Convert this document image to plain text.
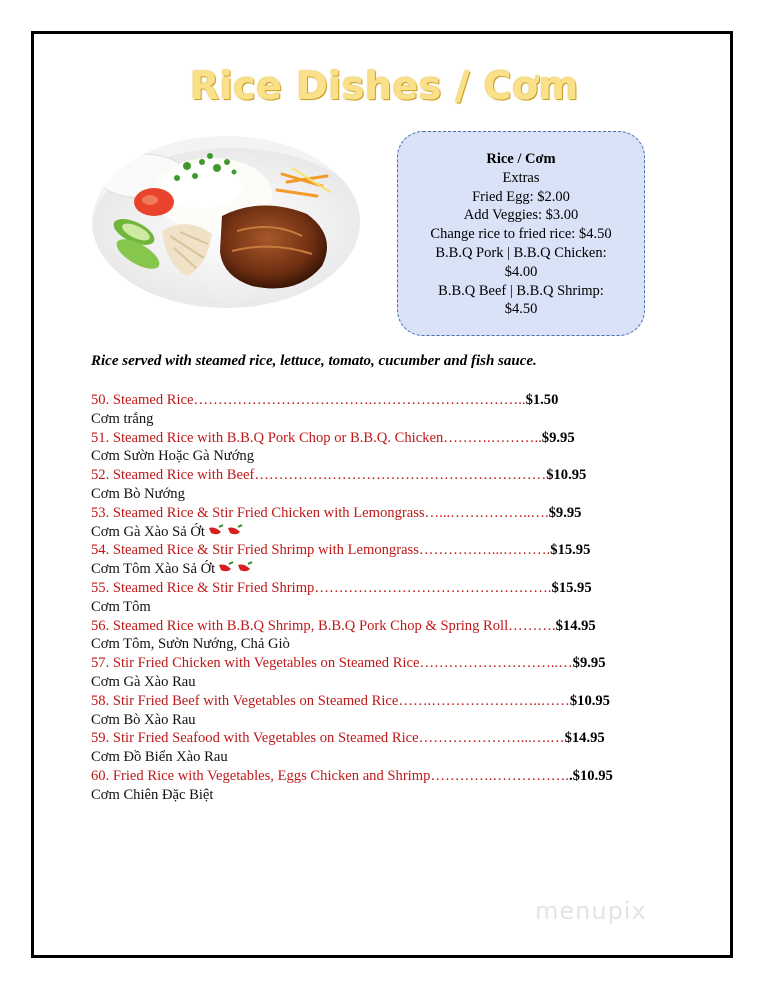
Rice Dishes / Cơm
Rice / Cơm
Extras
Fried Egg: $2.00
Add Veggies: $3.00
Change rice to fried rice: $4.50
B.B.Q Pork | B.B.Q Chicken:
$4.00
B.B.Q Beef | B.B.Q Shrimp:
$4.50
Rice served with steamed rice, lettuce, tomato, cucumber and fish sauce.
50. Steamed Rice……………………………….…………………………..$1.50
Cơm trắng
51. Steamed Rice with B.B.Q Pork Chop or B.B.Q. Chicken……….………..$9.95
Cơm Sườn Hoặc Gà Nướng
52. Steamed Rice with Beef……………………………………………………$10.95
Cơm Bò Nướng
53. Steamed Rice & Stir Fried Chicken with Lemongrass…...……………..….$9.95
Cơm Gà Xào Sả Ớt
54. Steamed Rice & Stir Fried Shrimp with Lemongrass……………...……….$15.95
Cơm Tôm Xào Sả Ớt
55. Steamed Rice & Stir Fried Shrimp………………………………………….$15.95
Cơm Tôm
56. Steamed Rice with B.B.Q Shrimp, B.B.Q Pork Chop & Spring Roll……….$14.95
Cơm Tôm, Sườn Nướng, Chả Giò
57. Stir Fried Chicken with Vegetables on Steamed Rice………………………..…$9.95
Cơm Gà Xào Rau
58. Stir Fried Beef with Vegetables on Steamed Rice…….…………………..……$10.95
Cơm Bò Xào Rau
59. Stir Fried Seafood with Vegetables on Steamed Rice…………………...….…$14.95
Cơm Đồ Biển Xào Rau
60. Fried Rice with Vegetables, Eggs Chicken and Shrimp………….……………..$10.95
Cơm Chiên Đặc Biệt
menupix
